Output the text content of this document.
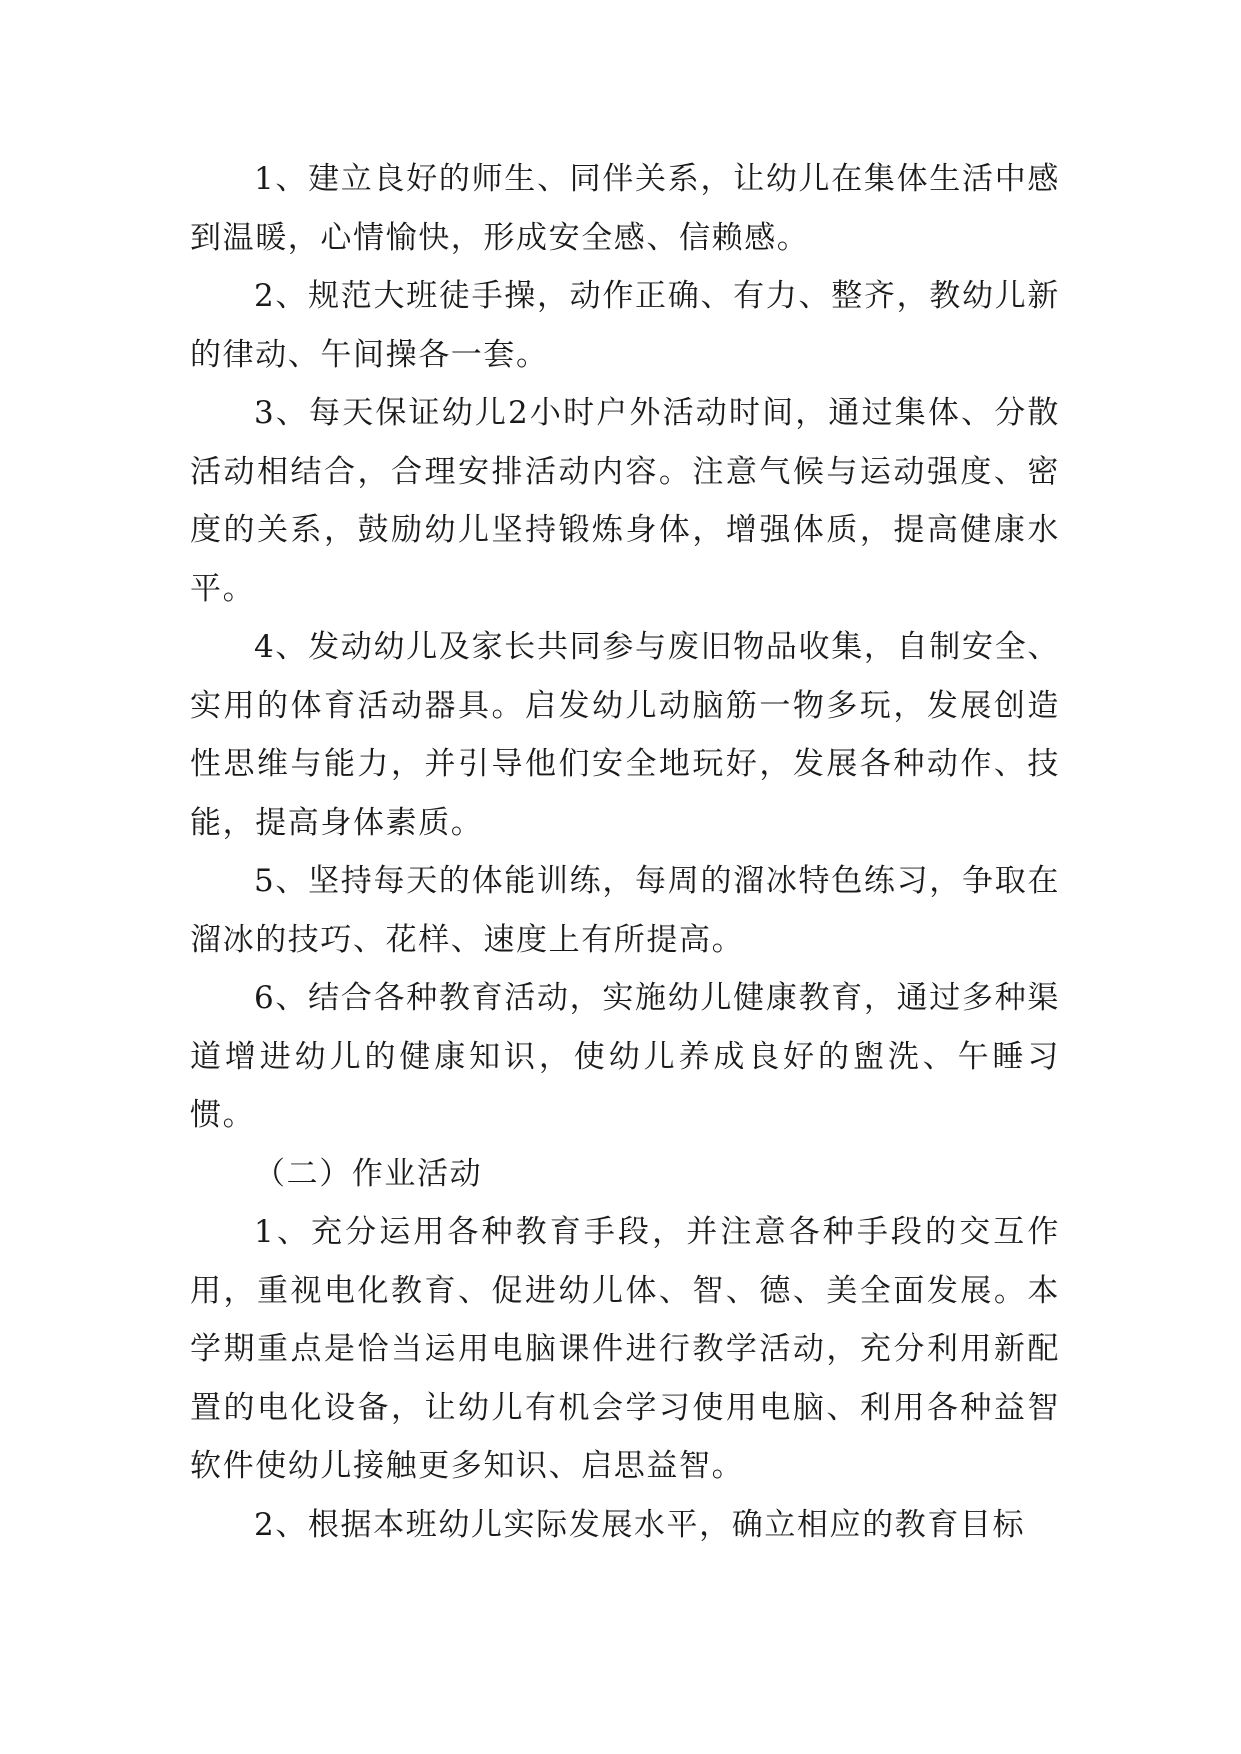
1、建立良好的师生、同伴关系，让幼儿在集体生活中感到温暖，心情愉快，形成安全感、信赖感。

2、规范大班徒手操，动作正确、有力、整齐，教幼儿新的律动、午间操各一套。

3、每天保证幼儿2小时户外活动时间，通过集体、分散活动相结合，合理安排活动内容。注意气候与运动强度、密度的关系，鼓励幼儿坚持锻炼身体，增强体质，提高健康水平。

4、发动幼儿及家长共同参与废旧物品收集，自制安全、实用的体育活动器具。启发幼儿动脑筋一物多玩，发展创造性思维与能力，并引导他们安全地玩好，发展各种动作、技能，提高身体素质。

5、坚持每天的体能训练，每周的溜冰特色练习，争取在溜冰的技巧、花样、速度上有所提高。

6、结合各种教育活动，实施幼儿健康教育，通过多种渠道增进幼儿的健康知识，使幼儿养成良好的盥洗、午睡习惯。

（二）作业活动

1、充分运用各种教育手段，并注意各种手段的交互作用，重视电化教育、促进幼儿体、智、德、美全面发展。本学期重点是恰当运用电脑课件进行教学活动，充分利用新配置的电化设备，让幼儿有机会学习使用电脑、利用各种益智软件使幼儿接触更多知识、启思益智。

2、根据本班幼儿实际发展水平，确立相应的教育目标
